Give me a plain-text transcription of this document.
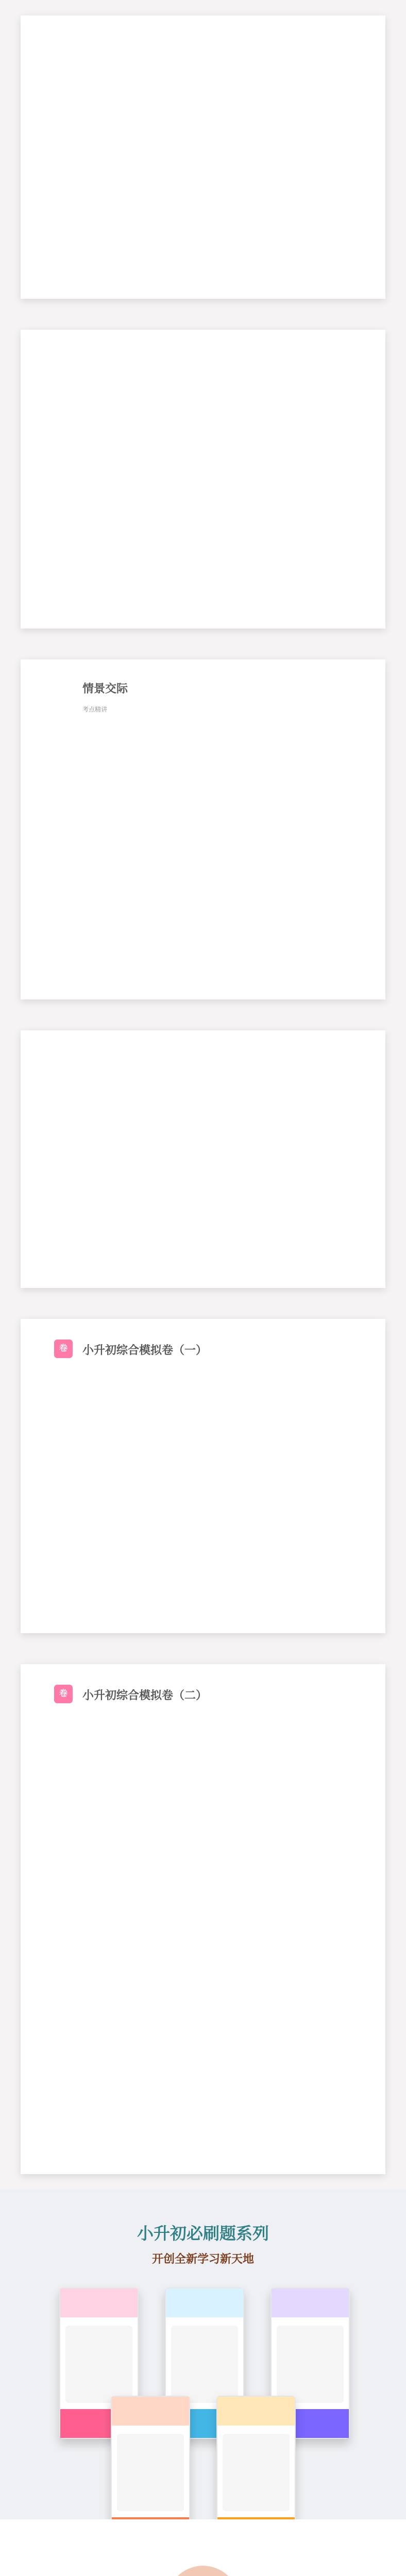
情景交际
考点精讲
卷	小升初综合模拟卷（一）
卷	小升初综合模拟卷（二）
小升初必刷题系列
开创全新学习新天地
